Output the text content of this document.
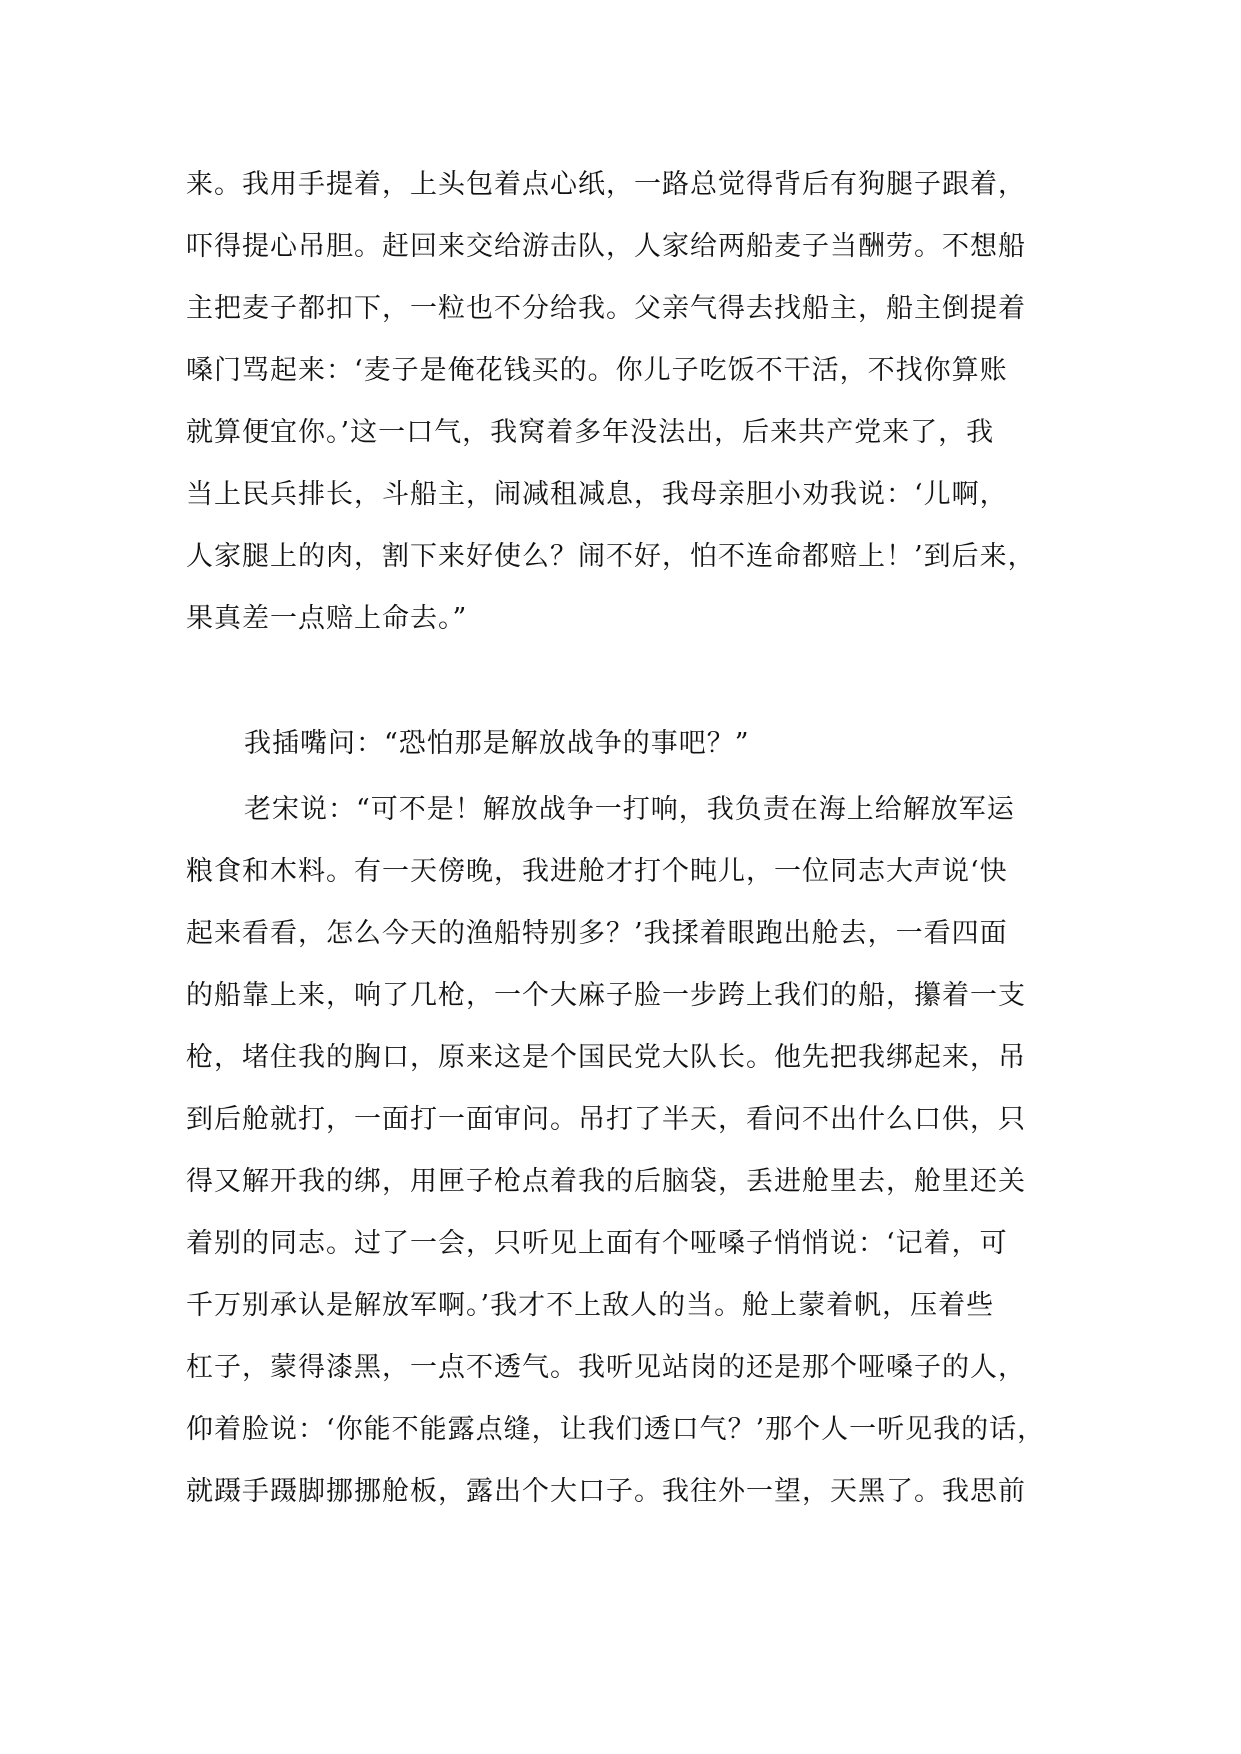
来。我用手提着，上头包着点心纸，一路总觉得背后有狗腿子跟着，
吓得提心吊胆。赶回来交给游击队，人家给两船麦子当酬劳。不想船
主把麦子都扣下，一粒也不分给我。父亲气得去找船主，船主倒提着
嗓门骂起来：‘麦子是俺花钱买的。你儿子吃饭不干活，不找你算账
就算便宜你。’这一口气，我窝着多年没法出，后来共产党来了，我
当上民兵排长，斗船主，闹减租减息，我母亲胆小劝我说：‘儿啊，
人家腿上的肉，割下来好使么？闹不好，怕不连命都赔上！’到后来，
果真差一点赔上命去。”
我插嘴问：“恐怕那是解放战争的事吧？”
老宋说：“可不是！解放战争一打响，我负责在海上给解放军运
粮食和木料。有一天傍晚，我进舱才打个盹儿，一位同志大声说‘快
起来看看，怎么今天的渔船特别多？’我揉着眼跑出舱去，一看四面
的船靠上来，响了几枪，一个大麻子脸一步跨上我们的船，攥着一支
枪，堵住我的胸口，原来这是个国民党大队长。他先把我绑起来，吊
到后舱就打，一面打一面审问。吊打了半天，看问不出什么口供，只
得又解开我的绑，用匣子枪点着我的后脑袋，丢进舱里去，舱里还关
着别的同志。过了一会，只听见上面有个哑嗓子悄悄说：‘记着，可
千万别承认是解放军啊。’我才不上敌人的当。舱上蒙着帆，压着些
杠子，蒙得漆黑，一点不透气。我听见站岗的还是那个哑嗓子的人，
仰着脸说：‘你能不能露点缝，让我们透口气？’那个人一听见我的话，
就蹑手蹑脚挪挪舱板，露出个大口子。我往外一望，天黑了。我思前
